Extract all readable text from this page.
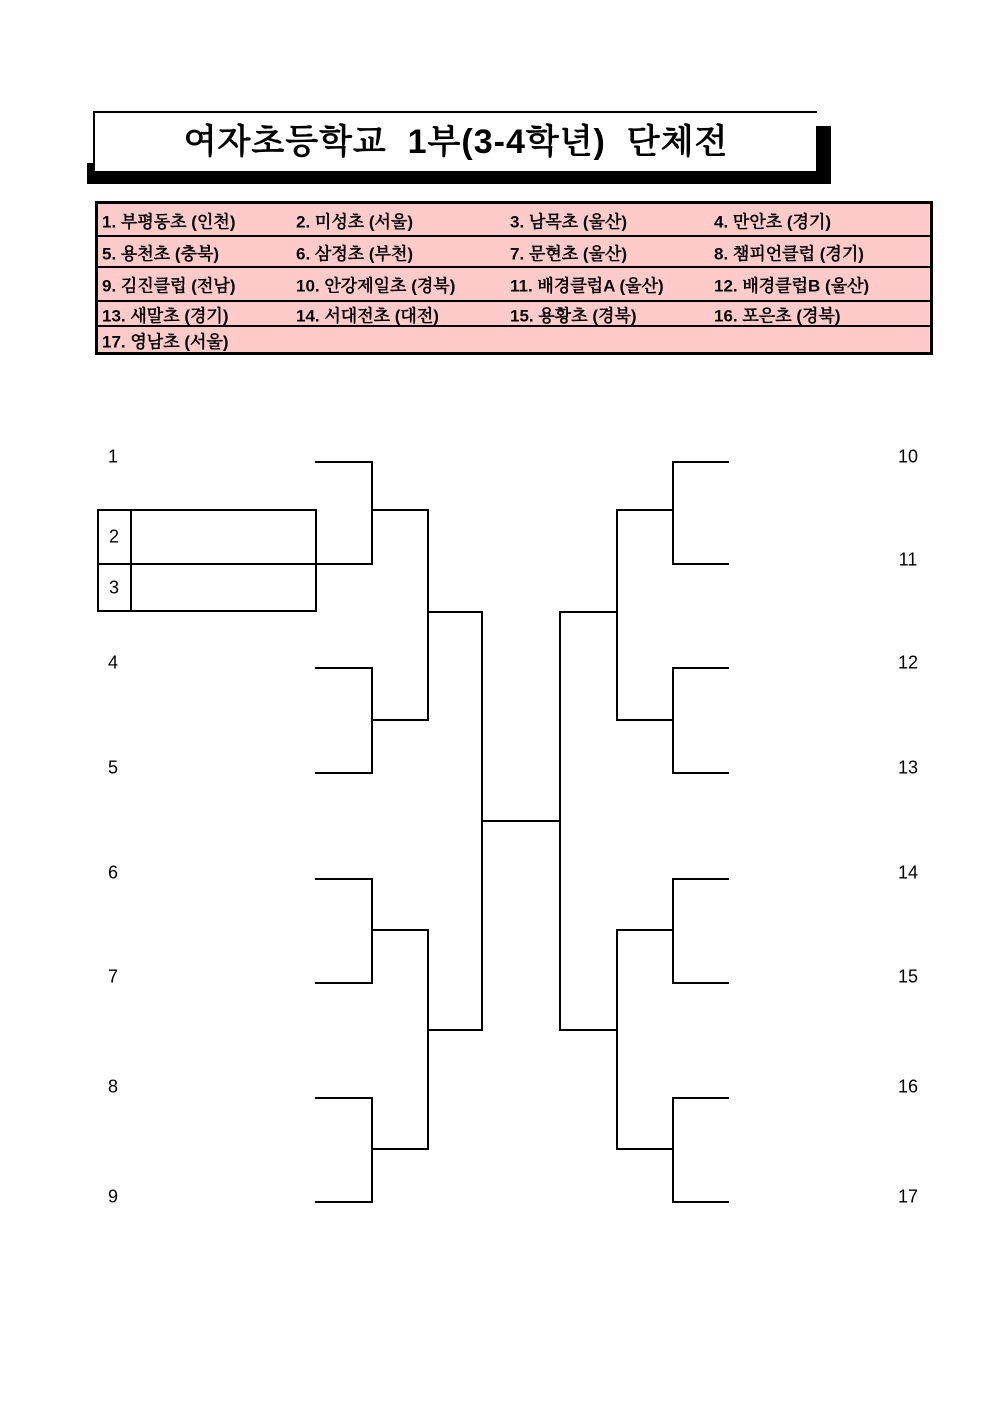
여자초등학교  1부(3-4학년)  단체전
1. 부평동초 (인천)	2. 미성초 (서울)	3. 남목초 (울산)	4. 만안초 (경기)
5. 용천초 (충북)	6. 삼정초 (부천)	7. 문현초 (울산)	8. 챔피언클럽 (경기)
9. 김진클럽 (전남)	10. 안강제일초 (경북)	11. 배경클럽A (울산)	12. 배경클럽B (울산)
13. 새말초 (경기)	14. 서대전초 (대전)	15. 용황초 (경북)	16. 포은초 (경북)
17. 영남초 (서울)
1
2
3
4
5
6
7
8
9
10
11
12
13
14
15
16
17
